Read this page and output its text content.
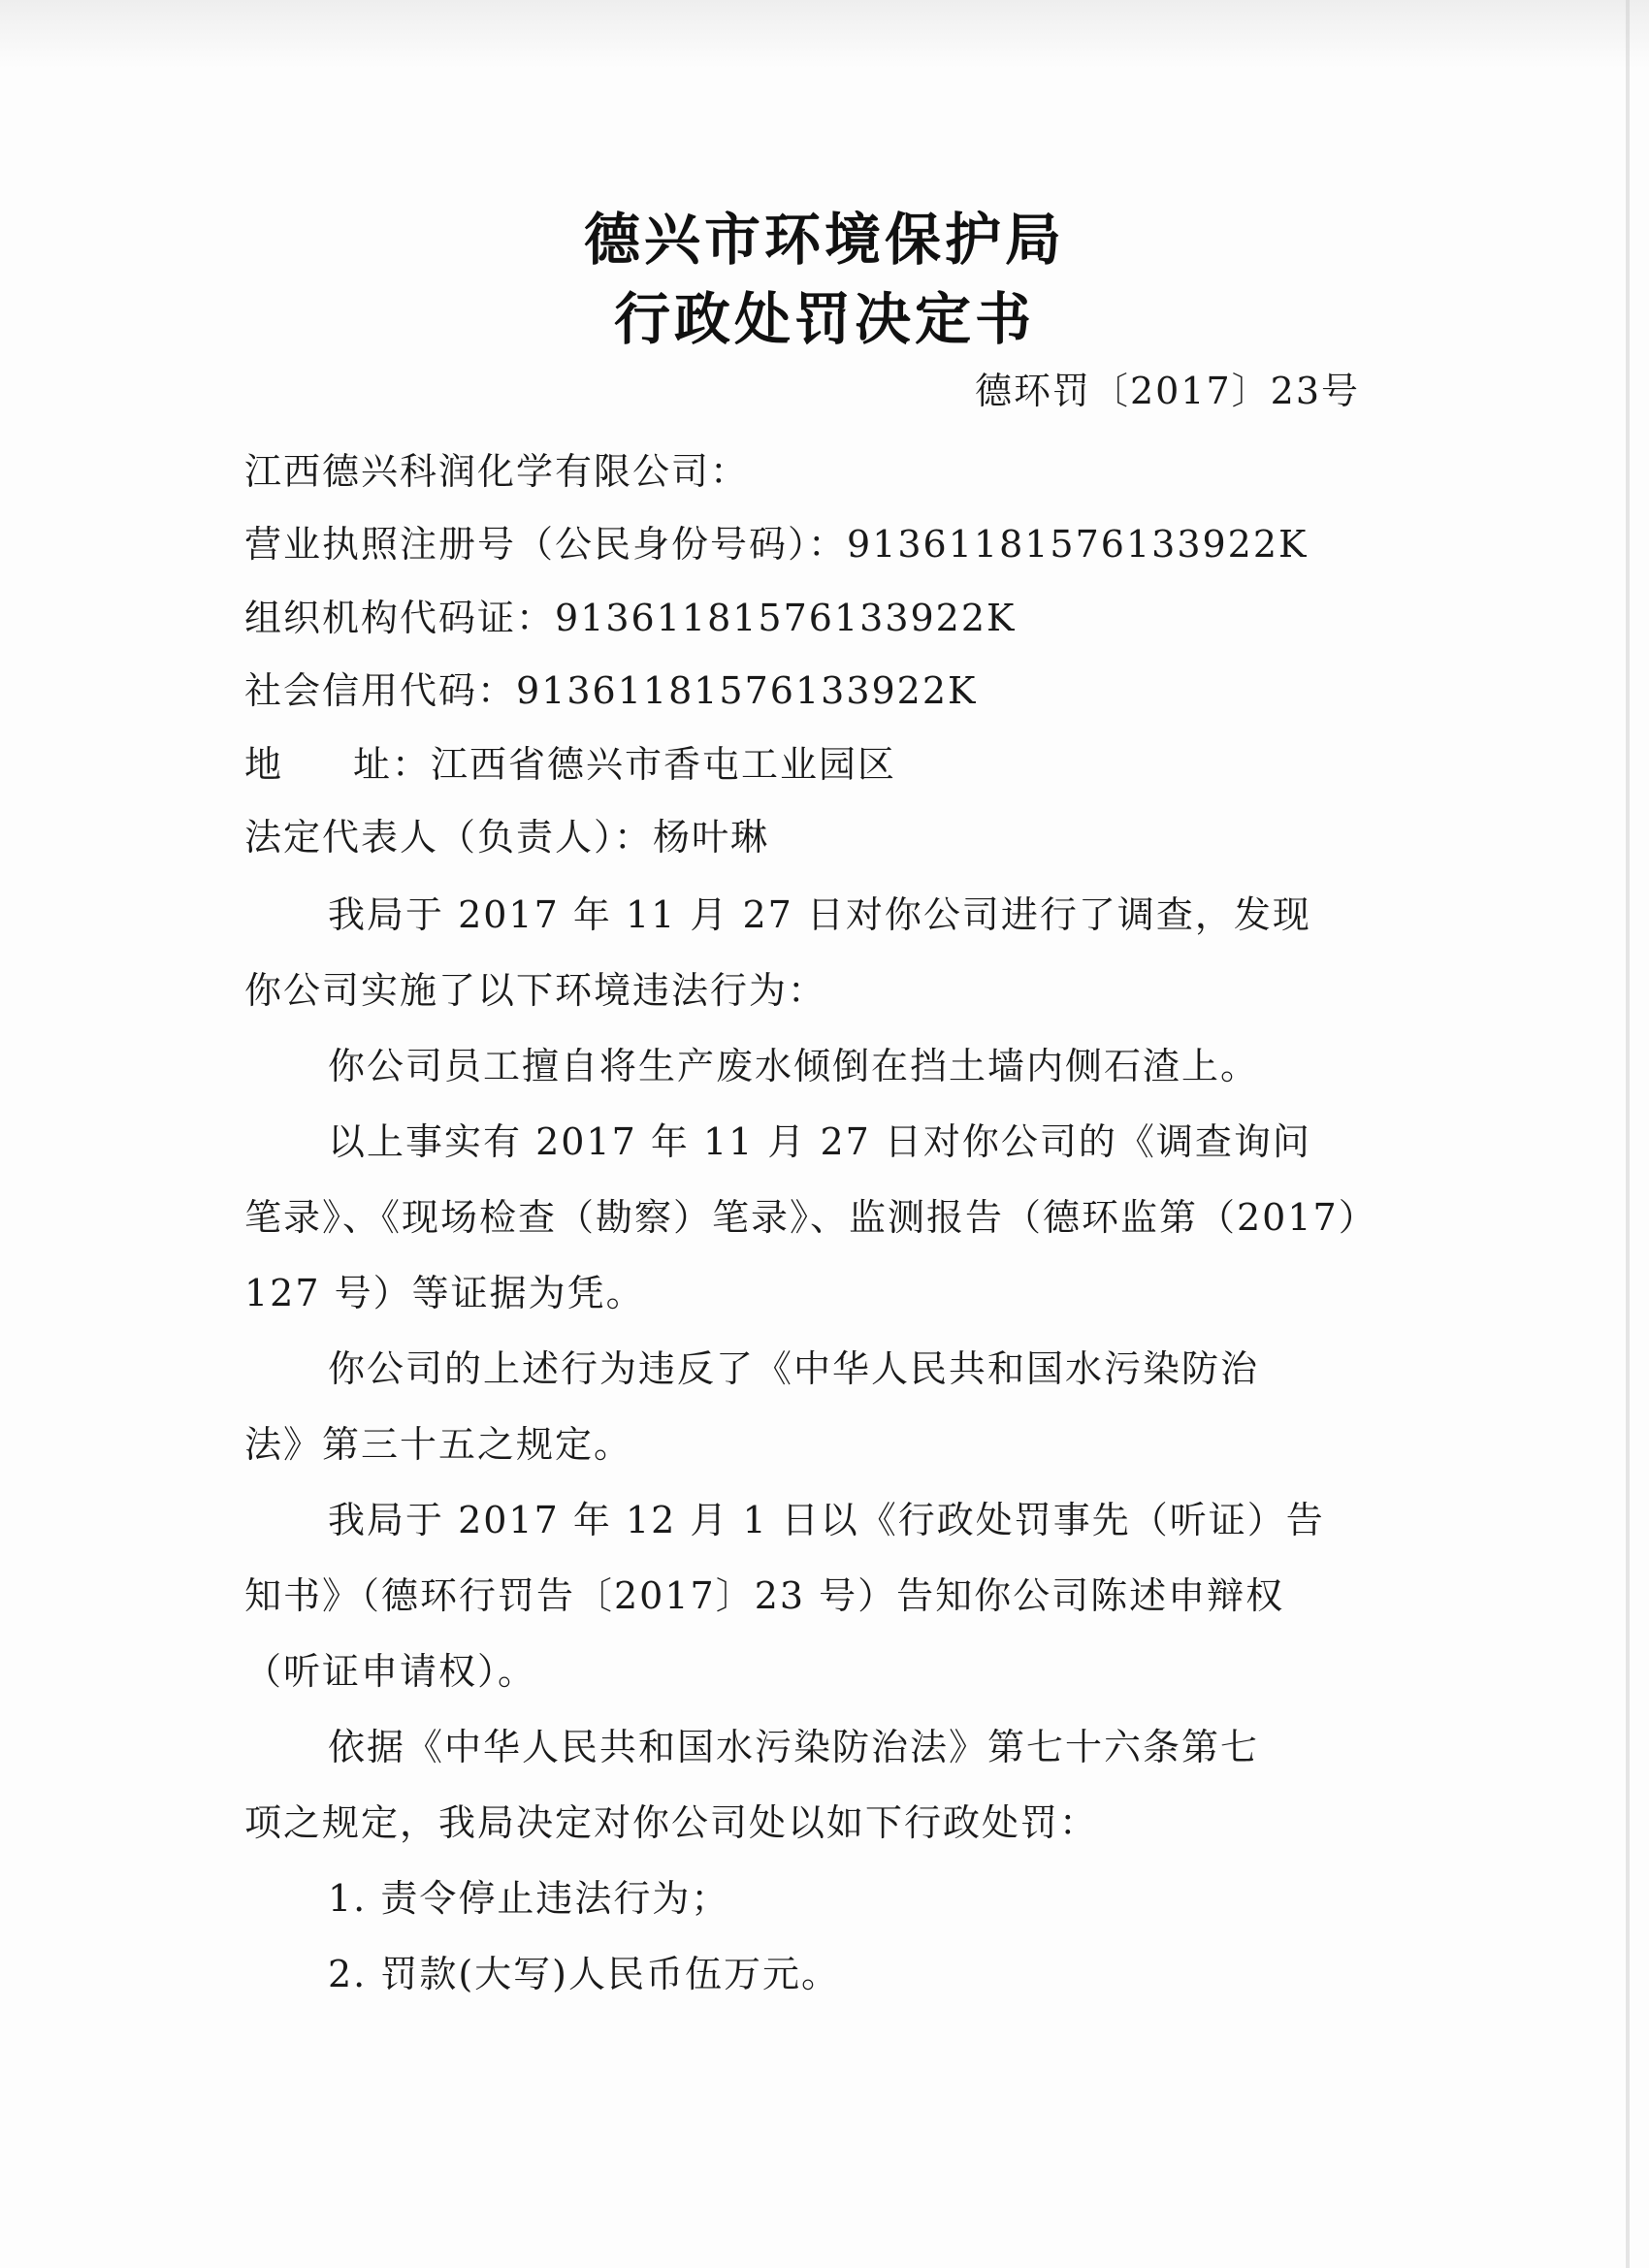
德兴市环境保护局
行政处罚决定书
德环罚〔2017〕23号
江西德兴科润化学有限公司：
营业执照注册号（公民身份号码）：91361181576133922K
组织机构代码证：91361181576133922K
社会信用代码：91361181576133922K
地 址：江西省德兴市香屯工业园区
法定代表人（负责人）：杨叶琳
我局于 2017 年 11 月 27 日对你公司进行了调查，发现
你公司实施了以下环境违法行为：
你公司员工擅自将生产废水倾倒在挡土墙内侧石渣上。
以上事实有 2017 年 11 月 27 日对你公司的《调查询问
笔录》、《现场检查（勘察）笔录》、监测报告（德环监第（2017）
127 号）等证据为凭。
你公司的上述行为违反了《中华人民共和国水污染防治
法》第三十五之规定。
我局于 2017 年 12 月 1 日以《行政处罚事先（听证）告
知书》（德环行罚告〔2017〕23 号）告知你公司陈述申辩权
（听证申请权）。
依据《中华人民共和国水污染防治法》第七十六条第七
项之规定，我局决定对你公司处以如下行政处罚：
1. 责令停止违法行为；
2. 罚款(大写)人民币伍万元。
